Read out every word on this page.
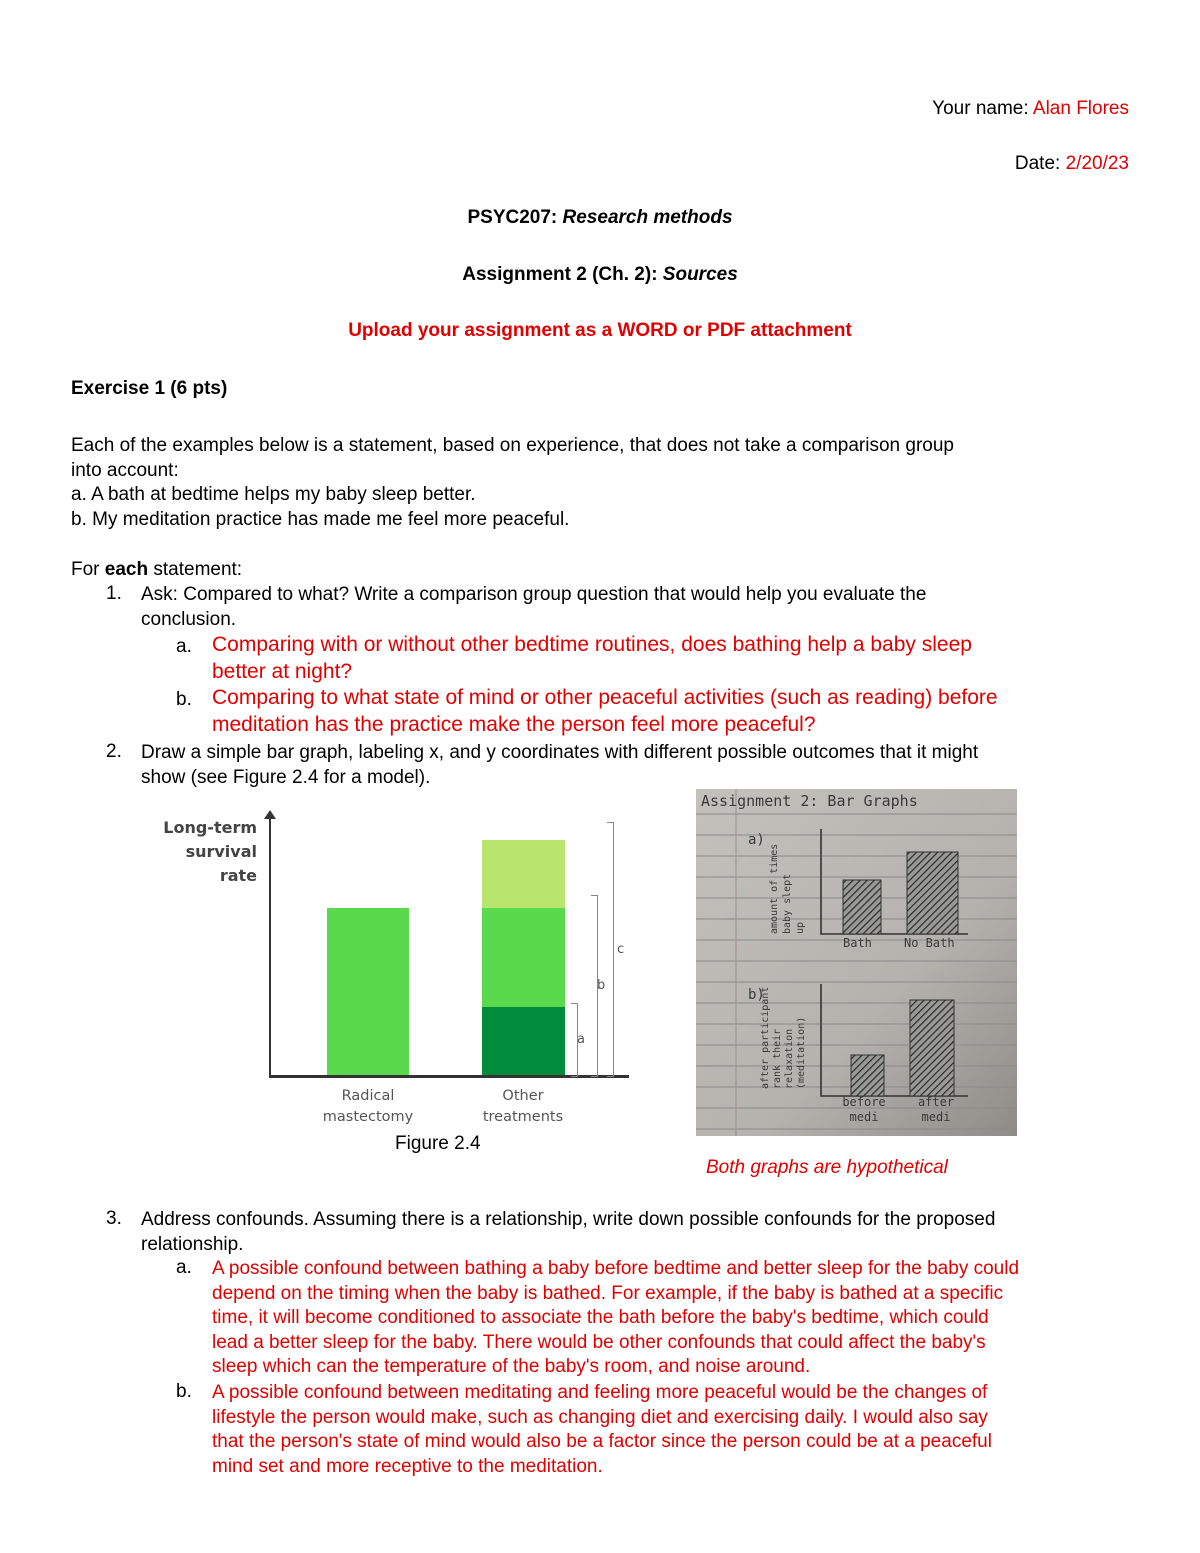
Your name: Alan Flores
Date: 2/20/23
PSYC207: Research methods
Assignment 2 (Ch. 2): Sources
Upload your assignment as a WORD or PDF attachment
Exercise 1 (6 pts)
Each of the examples below is a statement, based on experience, that does not take a comparison group
into account:
a. A bath at bedtime helps my baby sleep better.
b. My meditation practice has made me feel more peaceful.
For each statement:
1. Ask: Compared to what? Write a comparison group question that would help you evaluate the
conclusion.
a. Comparing with or without other bedtime routines, does bathing help a baby sleep
better at night?
b. Comparing to what state of mind or other peaceful activities (such as reading) before
meditation has the practice make the person feel more peaceful?
2. Draw a simple bar graph, labeling x, and y coordinates with different possible outcomes that it might
show (see Figure 2.4 for a model).
Long-term
survival rate
a
b
c
Radical
mastectomy
Other
treatments
Figure 2.4
Assignment 2: Bar Graphs
a)
amount of times baby slept up
Bath	No Bath
b)
after participant rank their relaxation (meditation)
before
medi
after
medi
Both graphs are hypothetical
3. Address confounds. Assuming there is a relationship, write down possible confounds for the proposed
relationship.
a. A possible confound between bathing a baby before bedtime and better sleep for the baby could
depend on the timing when the baby is bathed. For example, if the baby is bathed at a specific
time, it will become conditioned to associate the bath before the baby's bedtime, which could
lead a better sleep for the baby. There would be other confounds that could affect the baby's
sleep which can the temperature of the baby's room, and noise around.
b. A possible confound between meditating and feeling more peaceful would be the changes of
lifestyle the person would make, such as changing diet and exercising daily. I would also say
that the person's state of mind would also be a factor since the person could be at a peaceful
mind set and more receptive to the meditation.
